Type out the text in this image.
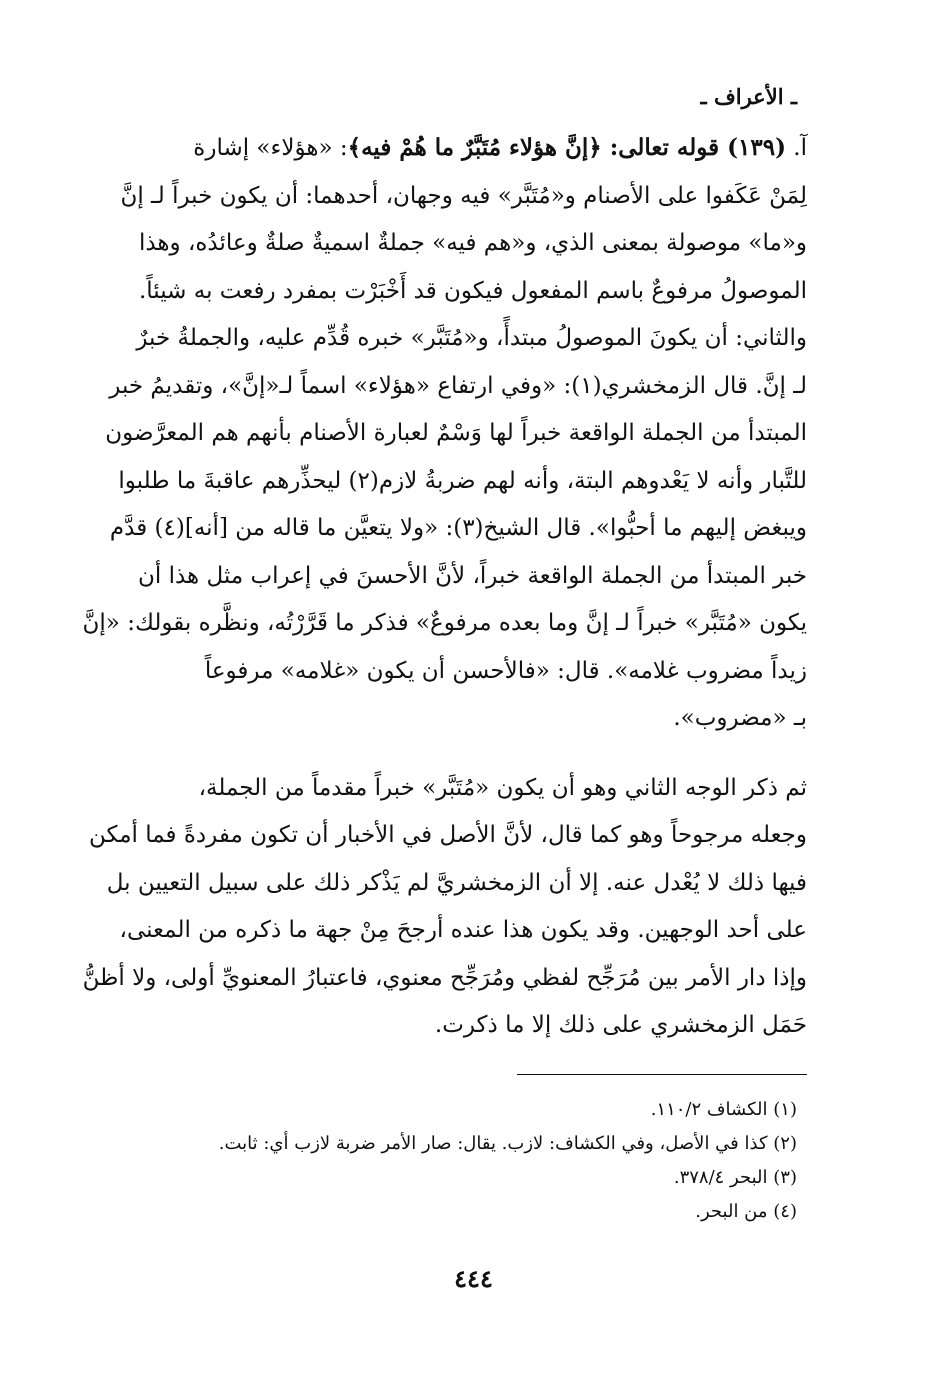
ـ الأعراف ـ
آ. (١٣٩) قوله تعالى: ﴿إنَّ هؤلاء مُتَبَّرٌ ما هُمْ فيه﴾: «هؤلاء» إشارة
لِمَنْ عَكَفوا على الأصنام و«مُتَبَّر» فيه وجهان، أحدهما: أن يكون خبراً لـ إنَّ
و«ما» موصولة بمعنى الذي، و«هم فيه» جملةٌ اسميةٌ صلةٌ وعائدُه، وهذا
الموصولُ مرفوعٌ باسم المفعول فيكون قد أَخْبَرْت بمفرد رفعت به شيئاً.
والثاني: أن يكونَ الموصولُ مبتدأً، و«مُتَبَّر» خبره قُدِّم عليه، والجملةُ خبرٌ
لـ إنَّ. قال الزمخشري(١): «وفي ارتفاع «هؤلاء» اسماً لـ«إنَّ»، وتقديمُ خبر
المبتدأ من الجملة الواقعة خبراً لها وَسْمٌ لعبارة الأصنام بأنهم هم المعرَّضون
للتَّبار وأنه لا يَعْدوهم البتة، وأنه لهم ضربةُ لازم(٢) ليحذِّرهم عاقبةَ ما طلبوا
ويبغض إليهم ما أحبُّوا». قال الشيخ(٣): «ولا يتعيَّن ما قاله من [أنه](٤) قدَّم
خبر المبتدأ من الجملة الواقعة خبراً، لأنَّ الأحسنَ في إعراب مثل هذا أن
يكون «مُتَبَّر» خبراً لـ إنَّ وما بعده مرفوعٌ» فذكر ما قَرَّرْتُه، ونظَّره بقولك: «إنَّ
زيداً مضروب غلامه». قال: «فالأحسن أن يكون «غلامه» مرفوعاً
بـ «مضروب».
ثم ذكر الوجه الثاني وهو أن يكون «مُتَبَّر» خبراً مقدماً من الجملة،
وجعله مرجوحاً وهو كما قال، لأنَّ الأصل في الأخبار أن تكون مفردةً فما أمكن
فيها ذلك لا يُعْدل عنه. إلا أن الزمخشريَّ لم يَذْكر ذلك على سبيل التعيين بل
على أحد الوجهين. وقد يكون هذا عنده أرجحَ مِنْ جهة ما ذكره من المعنى،
وإذا دار الأمر بين مُرَجِّح لفظي ومُرَجِّح معنوي، فاعتبارُ المعنويِّ أولى، ولا أظنُّ
حَمَل الزمخشري على ذلك إلا ما ذكرت.
(١) الكشاف ١١٠/٢.
(٢) كذا في الأصل، وفي الكشاف: لازب. يقال: صار الأمر ضربة لازب أي: ثابت.
(٣) البحر ٣٧٨/٤.
(٤) من البحر.
٤٤٤
